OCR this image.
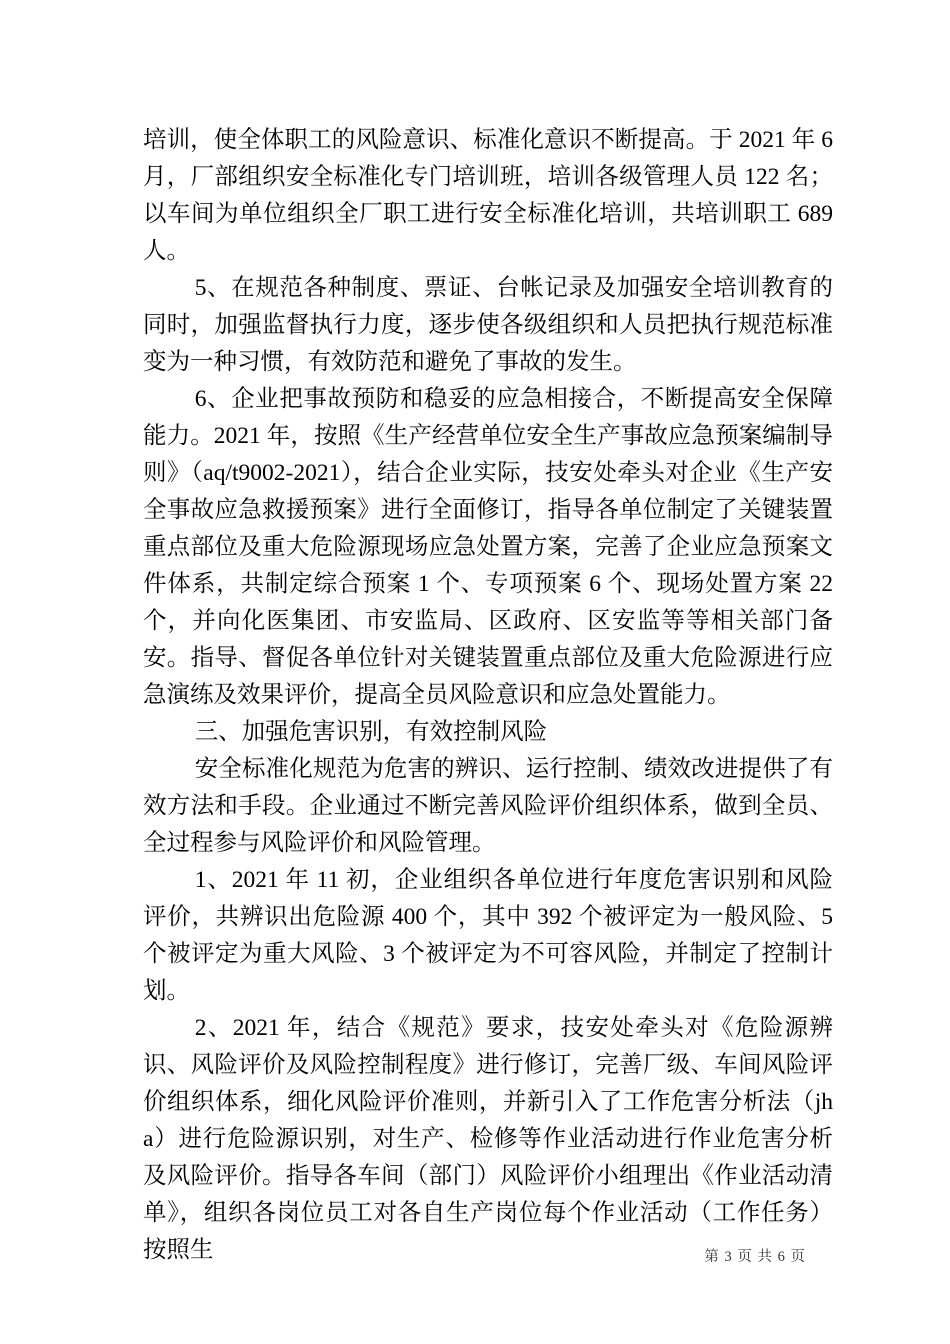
培训，使全体职工的风险意识、标准化意识不断提高。于 2021 年 6 月，厂部组织安全标准化专门培训班，培训各级管理人员 122 名；以车间为单位组织全厂职工进行安全标准化培训，共培训职工 689 人。

5、在规范各种制度、票证、台帐记录及加强安全培训教育的同时，加强监督执行力度，逐步使各级组织和人员把执行规范标准变为一种习惯，有效防范和避免了事故的发生。

6、企业把事故预防和稳妥的应急相接合，不断提高安全保障能力。2021 年，按照《生产经营单位安全生产事故应急预案编制导则》（aq/t9002-2021），结合企业实际，技安处牵头对企业《生产安全事故应急救援预案》进行全面修订，指导各单位制定了关键装置重点部位及重大危险源现场应急处置方案，完善了企业应急预案文件体系，共制定综合预案 1 个、专项预案 6 个、现场处置方案 22 个，并向化医集团、市安监局、区政府、区安监等等相关部门备安。指导、督促各单位针对关键装置重点部位及重大危险源进行应急演练及效果评价，提高全员风险意识和应急处置能力。

三、加强危害识别，有效控制风险

安全标准化规范为危害的辨识、运行控制、绩效改进提供了有效方法和手段。企业通过不断完善风险评价组织体系，做到全员、全过程参与风险评价和风险管理。

1、2021 年 11 初，企业组织各单位进行年度危害识别和风险评价，共辨识出危险源 400 个，其中 392 个被评定为一般风险、5 个被评定为重大风险、3 个被评定为不可容风险，并制定了控制计划。

2、2021 年，结合《规范》要求，技安处牵头对《危险源辨识、风险评价及风险控制程度》进行修订，完善厂级、车间风险评价组织体系，细化风险评价准则，并新引入了工作危害分析法（jha）进行危险源识别，对生产、检修等作业活动进行作业危害分析及风险评价。指导各车间（部门）风险评价小组理出《作业活动清单》，组织各岗位员工对各自生产岗位每个作业活动（工作任务）按照生	第 3 页 共 6 页
